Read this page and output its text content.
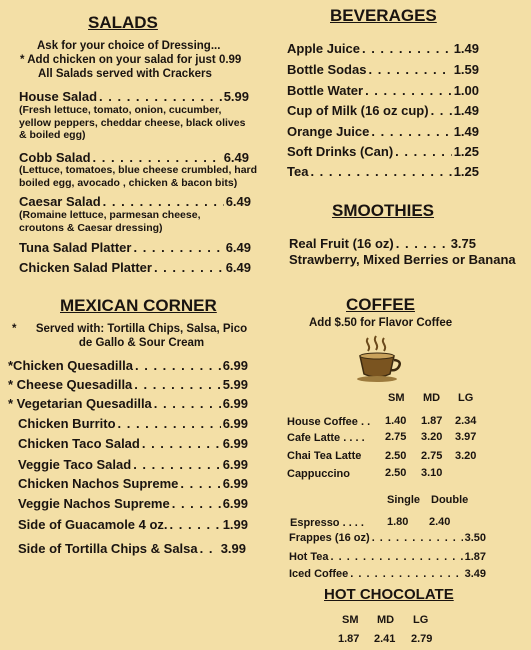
SALADS
Ask for your choice of Dressing...
* Add chicken on your salad for just 0.99
All Salads served with Crackers
House Salad . . .	5.99
(Fresh lettuce, tomato, onion, cucumber, yellow peppers, cheddar cheese, black olives & boiled egg)
Cobb Salad . . .	6.49
(Lettuce, tomatoes, blue cheese crumbled, hard boiled egg, avocado , chicken & bacon bits)
Caesar Salad . . .	6.49
(Romaine lettuce, parmesan cheese, croutons & Caesar dressing)
Tuna Salad Platter . . .	6.49
Chicken Salad Platter . . .	6.49
MEXICAN CORNER
* Served with: Tortilla Chips, Salsa, Pico de Gallo & Sour Cream
*Chicken Quesadilla . . .	6.99
* Cheese Quesadilla . . .	5.99
* Vegetarian Quesadilla . . .	6.99
Chicken Burrito . . .	6.99
Chicken Taco Salad . . .	6.99
Veggie Taco Salad . . .	6.99
Chicken Nachos Supreme . . .	6.99
Veggie Nachos Supreme . . .	6.99
Side of Guacamole 4 oz. . . .	1.99
Side of Tortilla Chips & Salsa . . . 3.99
BEVERAGES
Apple Juice . . .	1.49
Bottle Sodas . . .	1.59
Bottle Water . . .	1.00
Cup of Milk (16 oz cup) . . . 1.49
Orange Juice . . .	1.49
Soft Drinks (Can) . . .	1.25
Tea . . .	1.25
SMOOTHIES
Real Fruit (16 oz) . . .	3.75
Strawberry, Mixed Berries or Banana
COFFEE
Add $.50 for Flavor Coffee
SM MD LG
House Coffee . . 1.40 1.87 2.34
Cafe Latte . . . . 2.75 3.20 3.97
Chai Tea Latte 2.50 2.75 3.20
Cappuccino	2.50 3.10
Single Double
Espresso . . . . 1.80 2.40
Frappes (16 oz) . . .	3.50
Hot Tea . . .	1.87
Iced Coffee . . .	3.49
HOT CHOCOLATE
SM MD LG
1.87 2.41 2.79
